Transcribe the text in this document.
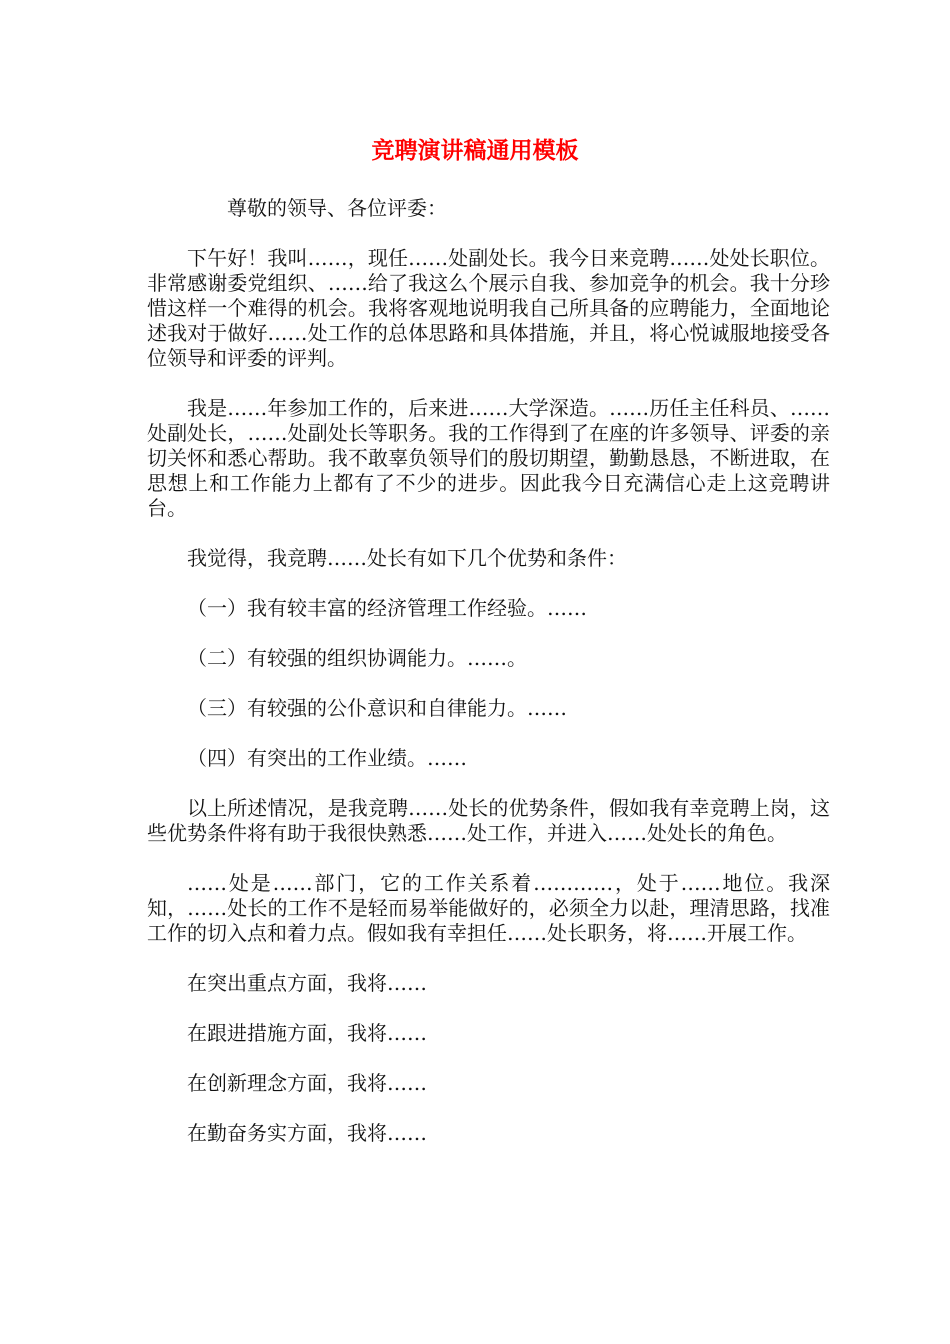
竞聘演讲稿通用模板

尊敬的领导、各位评委：

下午好！我叫……，现任……处副处长。我今日来竞聘……处处长职位。非常感谢委党组织、……给了我这么个展示自我、参加竞争的机会。我十分珍惜这样一个难得的机会。我将客观地说明我自己所具备的应聘能力，全面地论述我对于做好……处工作的总体思路和具体措施，并且，将心悦诚服地接受各位领导和评委的评判。

我是……年参加工作的，后来进……大学深造。……历任主任科员、……处副处长，……处副处长等职务。我的工作得到了在座的许多领导、评委的亲切关怀和悉心帮助。我不敢辜负领导们的殷切期望，勤勤恳恳，不断进取，在思想上和工作能力上都有了不少的进步。因此我今日充满信心走上这竞聘讲台。

我觉得，我竞聘……处长有如下几个优势和条件：

（一）我有较丰富的经济管理工作经验。……

（二）有较强的组织协调能力。……。

（三）有较强的公仆意识和自律能力。……

（四）有突出的工作业绩。……

以上所述情况，是我竞聘……处长的优势条件，假如我有幸竞聘上岗，这些优势条件将有助于我很快熟悉……处工作，并进入……处处长的角色。

……处是……部门，它的工作关系着…………，处于……地位。我深知，……处长的工作不是轻而易举能做好的，必须全力以赴，理清思路，找准工作的切入点和着力点。假如我有幸担任……处长职务，将……开展工作。

在突出重点方面，我将……

在跟进措施方面，我将……

在创新理念方面，我将……

在勤奋务实方面，我将……
